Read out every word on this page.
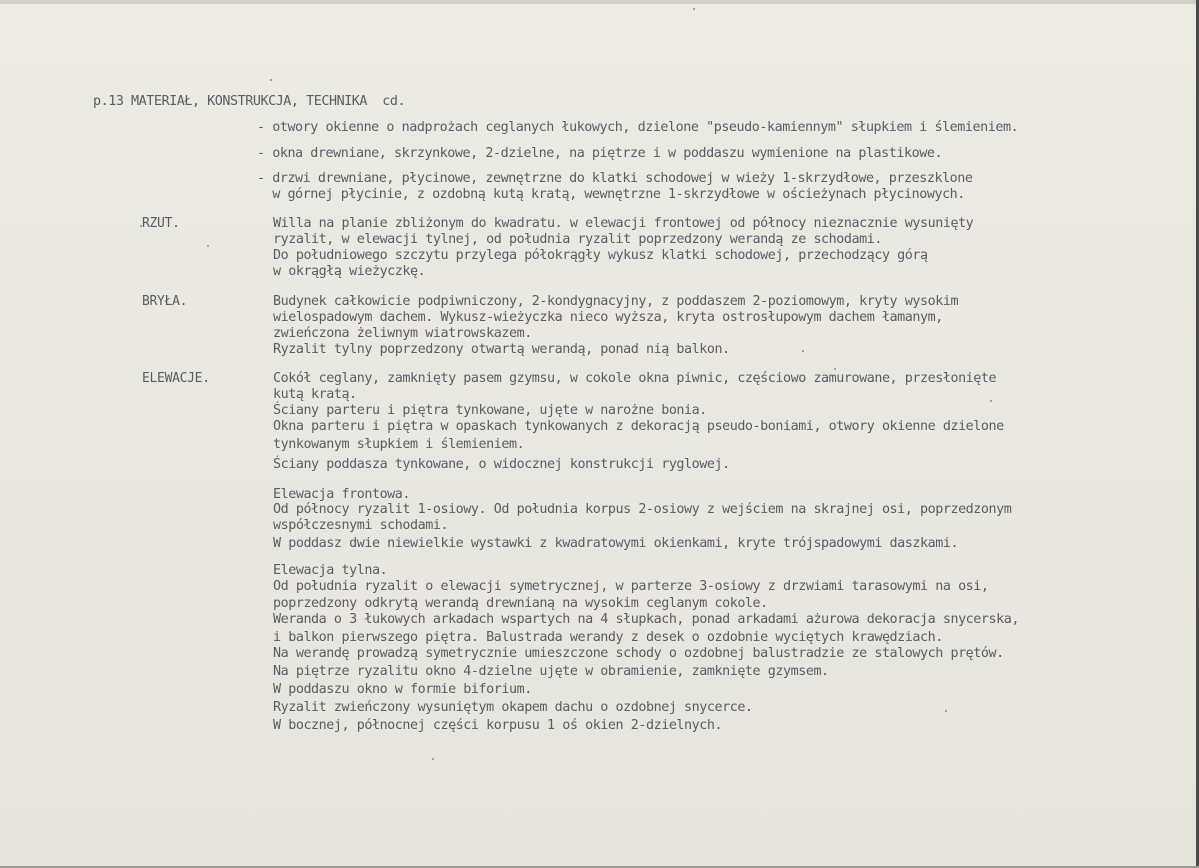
p.13 MATERIAŁ, KONSTRUKCJA, TECHNIKA  cd.
- otwory okienne o nadprożach ceglanych łukowych, dzielone "pseudo-kamiennym" słupkiem i ślemieniem.
- okna drewniane, skrzynkowe, 2-dzielne, na piętrze i w poddaszu wymienione na plastikowe.
- drzwi drewniane, płycinowe, zewnętrzne do klatki schodowej w wieży 1-skrzydłowe, przeszklone
w górnej płycinie, z ozdobną kutą kratą, wewnętrzne 1-skrzydłowe w ościeżynach płycinowych.
RZUT.	Willa na planie zbliżonym do kwadratu. w elewacji frontowej od północy nieznacznie wysunięty
ryzalit, w elewacji tylnej, od południa ryzalit poprzedzony werandą ze schodami.
Do południowego szczytu przylega półokrągły wykusz klatki schodowej, przechodzący górą
w okrągłą wieżyczkę.
BRYŁA.	Budynek całkowicie podpiwniczony, 2-kondygnacyjny, z poddaszem 2-poziomowym, kryty wysokim
wielospadowym dachem. Wykusz-wieżyczka nieco wyższa, kryta ostrosłupowym dachem łamanym,
zwieńczona żeliwnym wiatrowskazem.
Ryzalit tylny poprzedzony otwartą werandą, ponad nią balkon.
ELEWACJE.	Cokół ceglany, zamknięty pasem gzymsu, w cokole okna piwnic, częściowo zamurowane, przesłonięte
kutą kratą.
Ściany parteru i piętra tynkowane, ujęte w narożne bonia.
Okna parteru i piętra w opaskach tynkowanych z dekoracją pseudo-boniami, otwory okienne dzielone
tynkowanym słupkiem i ślemieniem.
Ściany poddasza tynkowane, o widocznej konstrukcji ryglowej.
Elewacja frontowa.
Od północy ryzalit 1-osiowy. Od południa korpus 2-osiowy z wejściem na skrajnej osi, poprzedzonym
współczesnymi schodami.
W poddasz dwie niewielkie wystawki z kwadratowymi okienkami, kryte trójspadowymi daszkami.
Elewacja tylna.
Od południa ryzalit o elewacji symetrycznej, w parterze 3-osiowy z drzwiami tarasowymi na osi,
poprzedzony odkrytą werandą drewnianą na wysokim ceglanym cokole.
Weranda o 3 łukowych arkadach wspartych na 4 słupkach, ponad arkadami ażurowa dekoracja snycerska,
i balkon pierwszego piętra. Balustrada werandy z desek o ozdobnie wyciętych krawędziach.
Na werandę prowadzą symetrycznie umieszczone schody o ozdobnej balustradzie ze stalowych prętów.
Na piętrze ryzalitu okno 4-dzielne ujęte w obramienie, zamknięte gzymsem.
W poddaszu okno w formie biforium.
Ryzalit zwieńczony wysuniętym okapem dachu o ozdobnej snycerce.
W bocznej, północnej części korpusu 1 oś okien 2-dzielnych.
